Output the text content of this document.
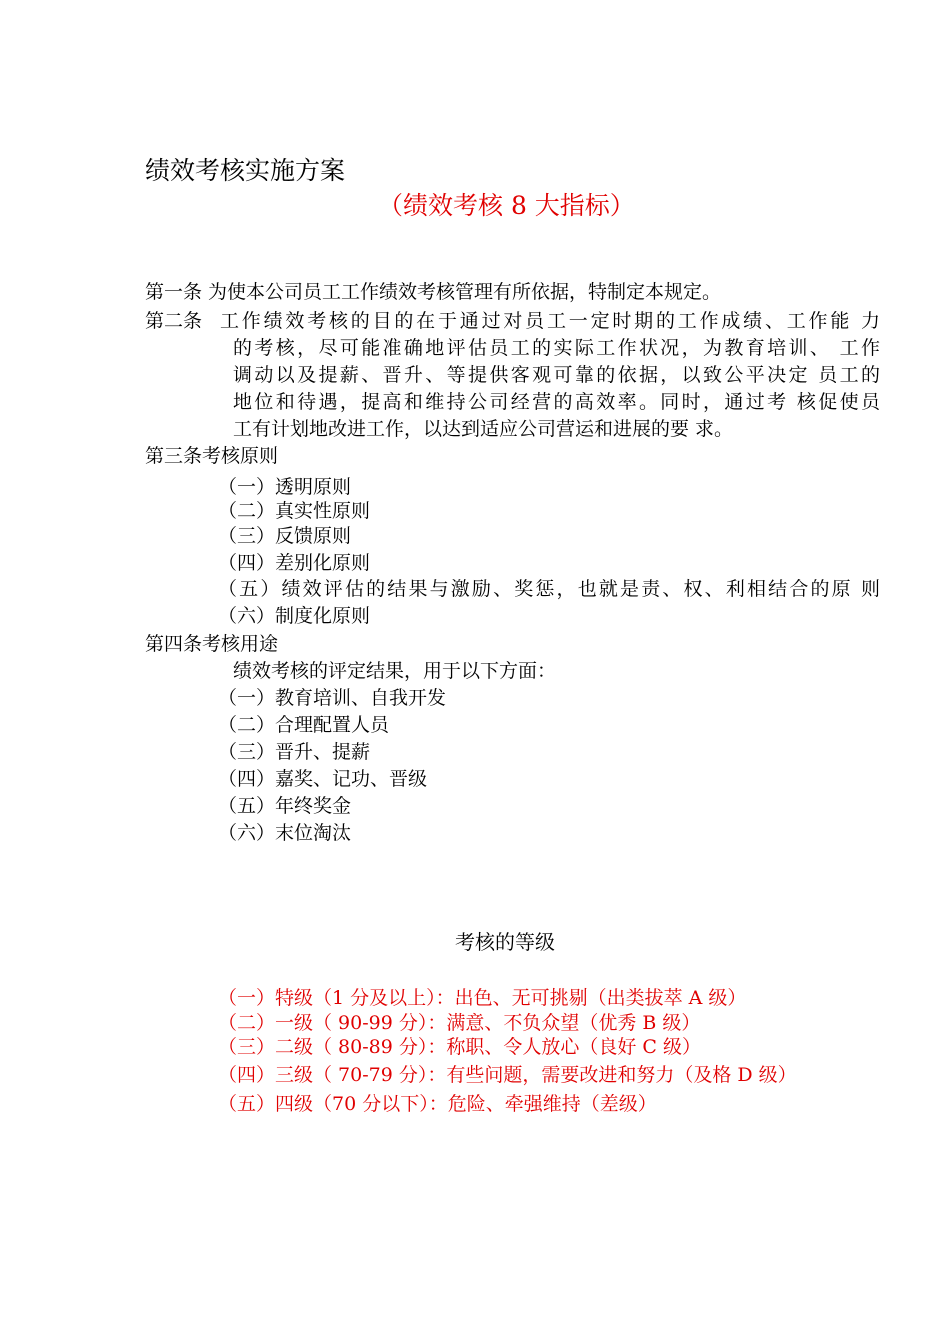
绩效考核实施方案
（绩效考核 8 大指标）
第一条 为使本公司员工工作绩效考核管理有所依据，特制定本规定。
第二条 工作绩效考核的目的在于通过对员工一定时期的工作成绩、工作能 力
的考核，尽可能准确地评估员工的实际工作状况，为教育培训、 工作
调动以及提薪、晋升、等提供客观可靠的依据，以致公平决定 员工的
地位和待遇，提高和维持公司经营的高效率。同时，通过考 核促使员
工有计划地改进工作，以达到适应公司营运和进展的要 求。
第三条考核原则
（一）透明原则
（二）真实性原则
（三）反馈原则
（四）差别化原则
（五）绩效评估的结果与激励、奖惩，也就是责、权、利相结合的原 则
（六）制度化原则
第四条考核用途
绩效考核的评定结果，用于以下方面：
（一）教育培训、自我开发
（二）合理配置人员
（三）晋升、提薪
（四）嘉奖、记功、晋级
（五）年终奖金
（六）末位淘汰
考核的等级
（一）特级（1 分及以上）：出色、无可挑剔（出类拔萃 A 级）
（二）一级（ 90-99 分）：满意、不负众望（优秀 B 级）
（三）二级（ 80-89 分）：称职、令人放心（良好 C 级）
（四）三级（ 70-79 分）：有些问题，需要改进和努力（及格 D 级）
（五）四级（70 分以下）：危险、牵强维持（差级）
